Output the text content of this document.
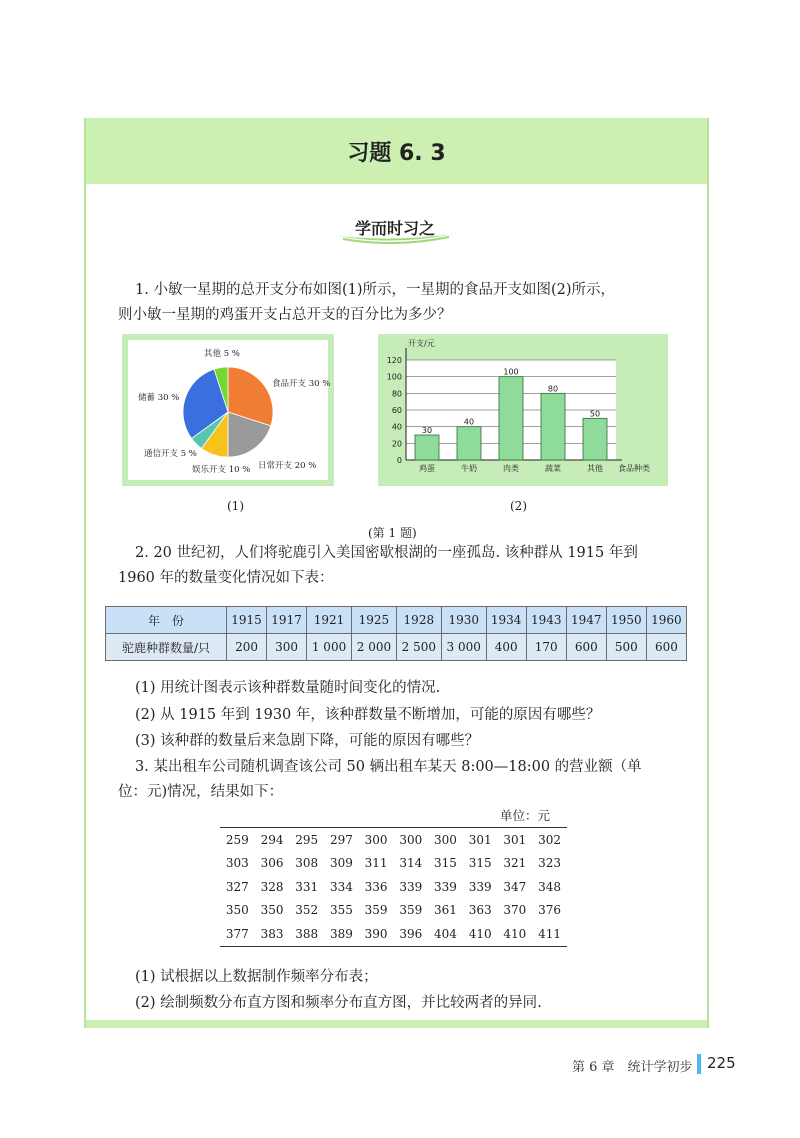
习题 6. 3
学而时习之
1. 小敏一星期的总开支分布如图(1)所示，一星期的食品开支如图(2)所示，
则小敏一星期的鸡蛋开支占总开支的百分比为多少？
食品开支 30 %
日常开支 20 %
娱乐开支 10 %
通信开支 5 %
储蓄 30 %
其他 5 %
0
20
40
60
80
100
120
30
鸡蛋
40
牛奶
100
肉类
80
蔬菜
50
其他
开支/元
食品种类
(1)	(2)
(第 1 题)
2. 20 世纪初，人们将驼鹿引入美国密歇根湖的一座孤岛. 该种群从 1915 年到
1960 年的数量变化情况如下表：
年　份	1915	1917	1921	1925	1928	1930	1934	1943	1947	1950	1960
驼鹿种群数量/只	200	300	1 000	2 000	2 500	3 000	400	170	600	500	600
(1) 用统计图表示该种群数量随时间变化的情况.
(2) 从 1915 年到 1930 年，该种群数量不断增加，可能的原因有哪些？
(3) 该种群的数量后来急剧下降，可能的原因有哪些？
3. 某出租车公司随机调查该公司 50 辆出租车某天 8:00—18:00 的营业额（单
位：元)情况，结果如下：
单位：元
259	294	295	297	300	300	300	301	301	302
303	306	308	309	311	314	315	315	321	323
327	328	331	334	336	339	339	339	347	348
350	350	352	355	359	359	361	363	370	376
377	383	388	389	390	396	404	410	410	411
(1) 试根据以上数据制作频率分布表；
(2) 绘制频数分布直方图和频率分布直方图，并比较两者的异同.
第 6 章　统计学初步 225
